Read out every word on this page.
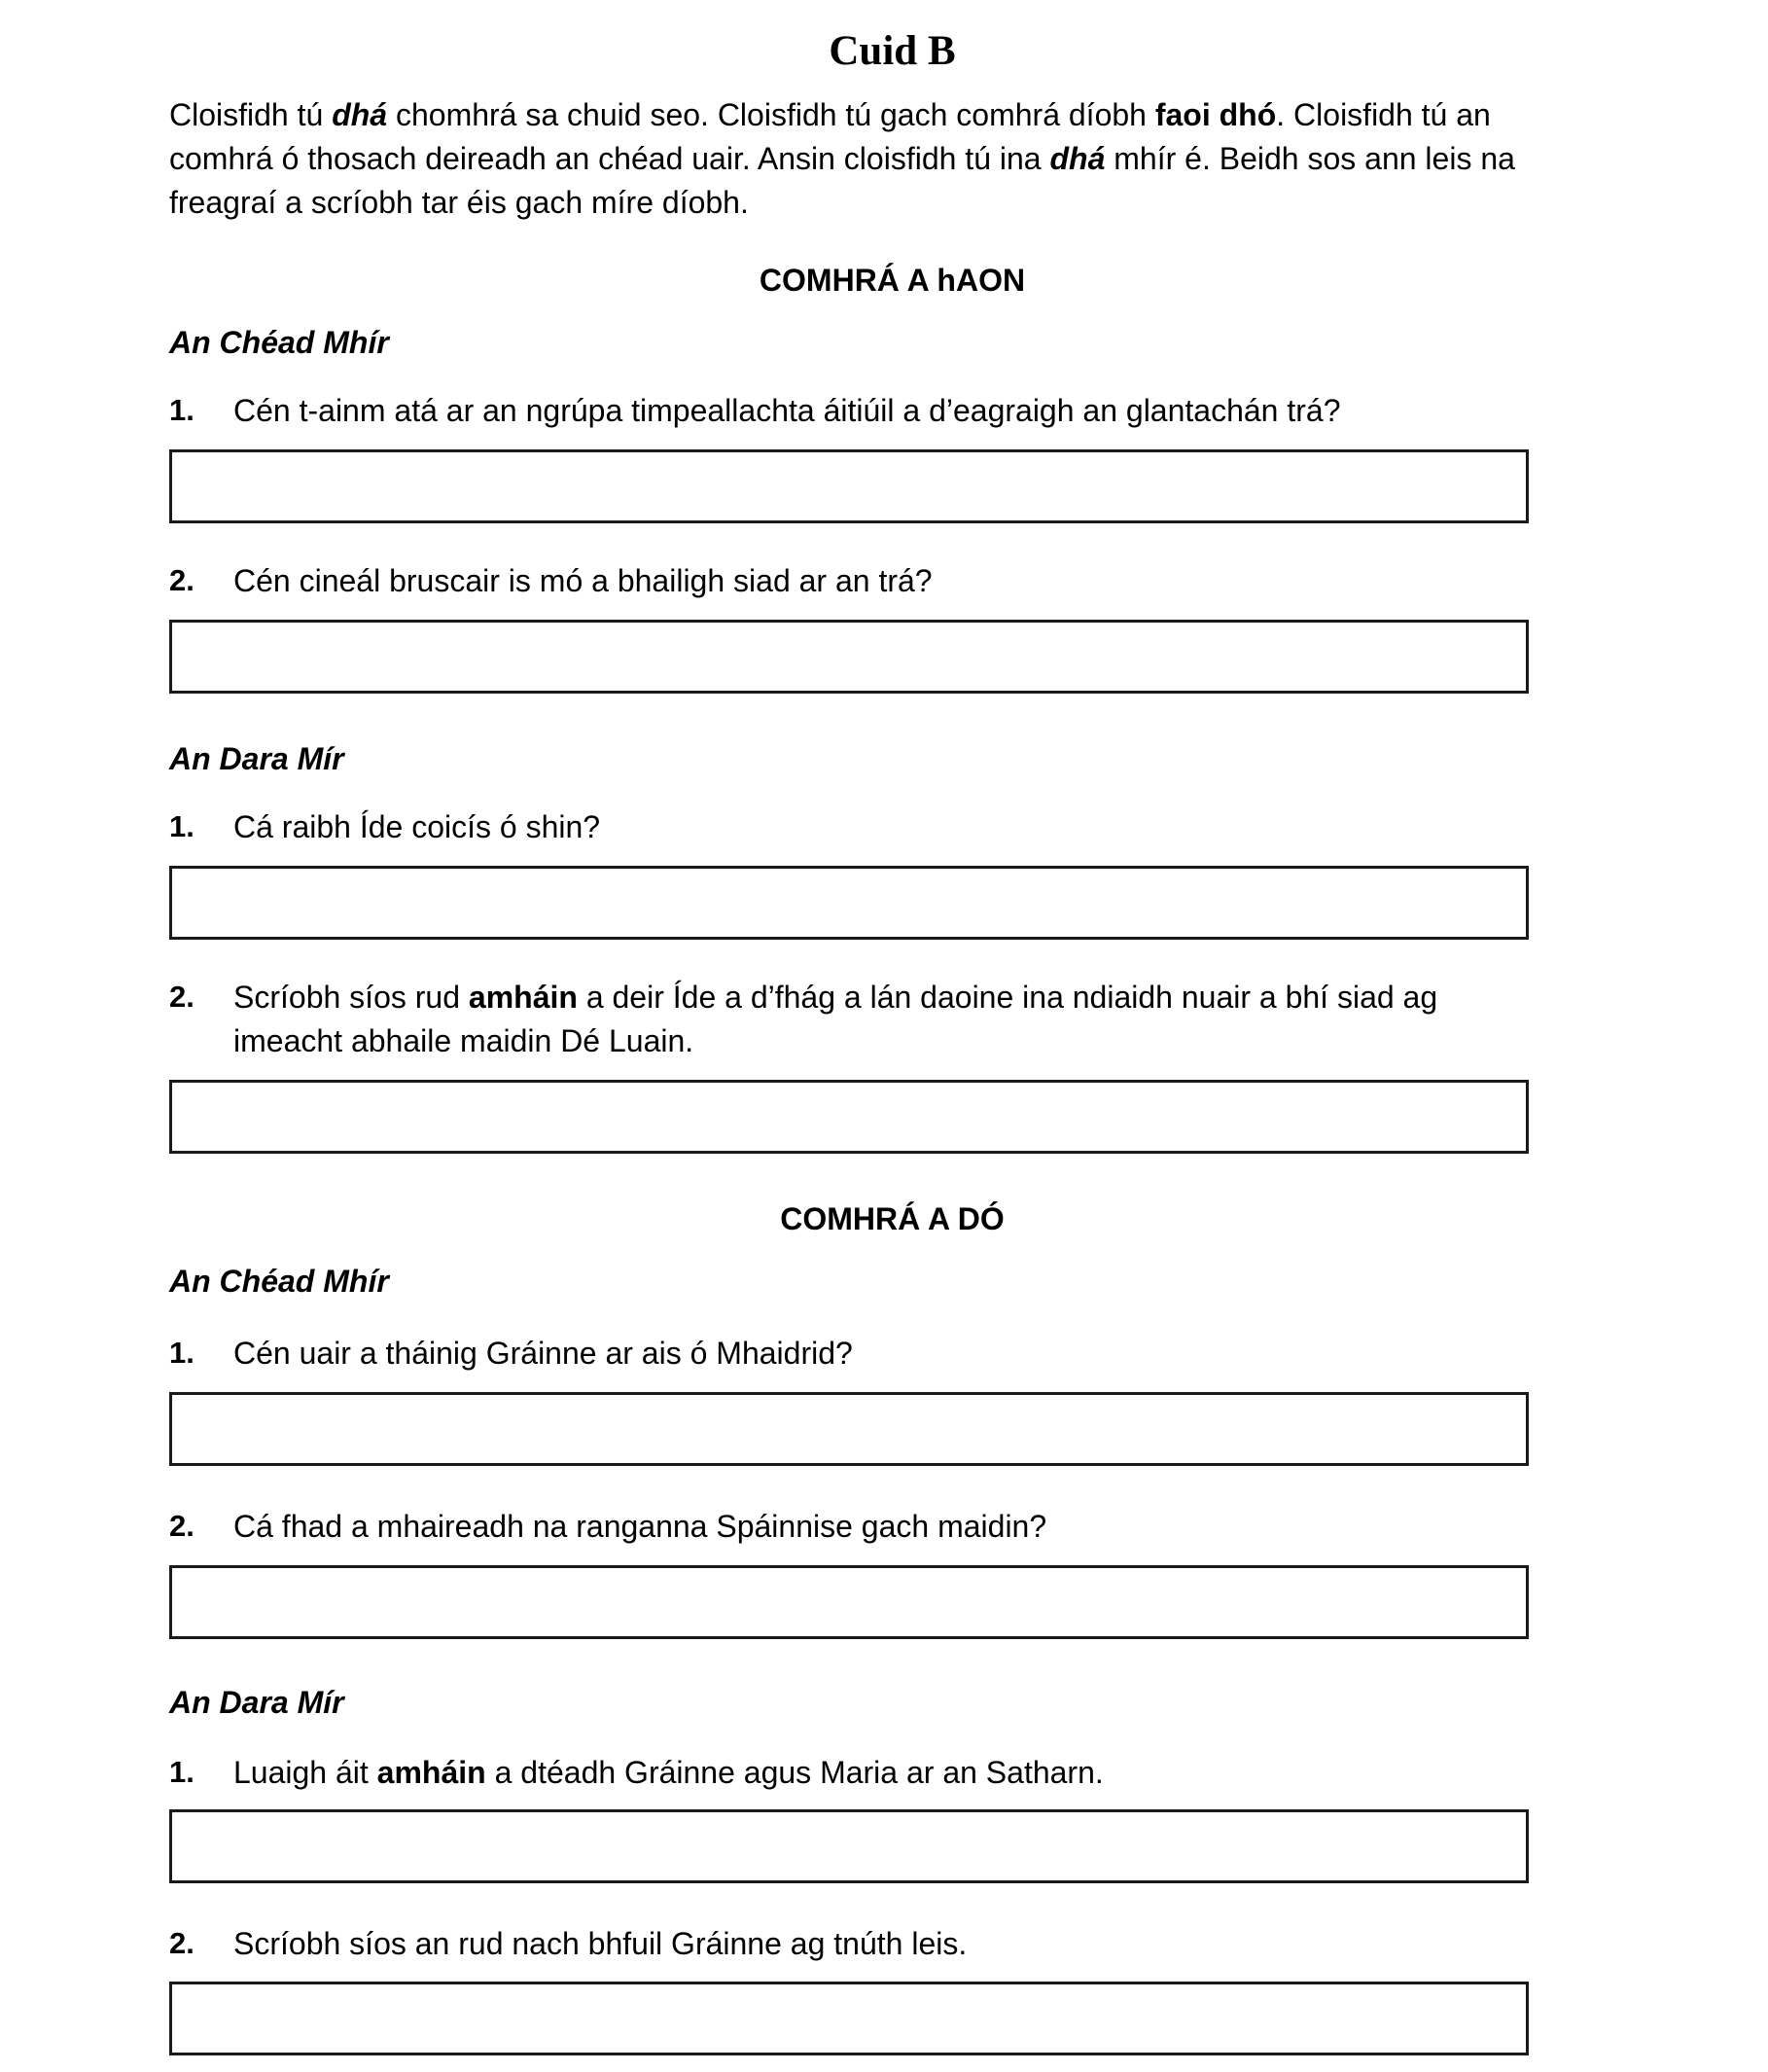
Cuid B
Cloisfidh tú dhá chomhrá sa chuid seo. Cloisfidh tú gach comhrá díobh faoi dhó. Cloisfidh tú an comhrá ó thosach deireadh an chéad uair. Ansin cloisfidh tú ina dhá mhír é. Beidh sos ann leis na freagraí a scríobh tar éis gach míre díobh.
COMHRÁ A hAON
An Chéad Mhír
1. Cén t-ainm atá ar an ngrúpa timpeallachta áitiúil a d’eagraigh an glantachán trá?
2. Cén cineál bruscair is mó a bhailigh siad ar an trá?
An Dara Mír
1. Cá raibh Íde coicís ó shin?
2. Scríobh síos rud amháin a deir Íde a d’fhág a lán daoine ina ndiaidh nuair a bhí siad ag imeacht abhaile maidin Dé Luain.
COMHRÁ A DÓ
An Chéad Mhír
1. Cén uair a tháinig Gráinne ar ais ó Mhaidrid?
2. Cá fhad a mhaireadh na ranganna Spáinnise gach maidin?
An Dara Mír
1. Luaigh áit amháin a dtéadh Gráinne agus Maria ar an Satharn.
2. Scríobh síos an rud nach bhfuil Gráinne ag tnúth leis.
